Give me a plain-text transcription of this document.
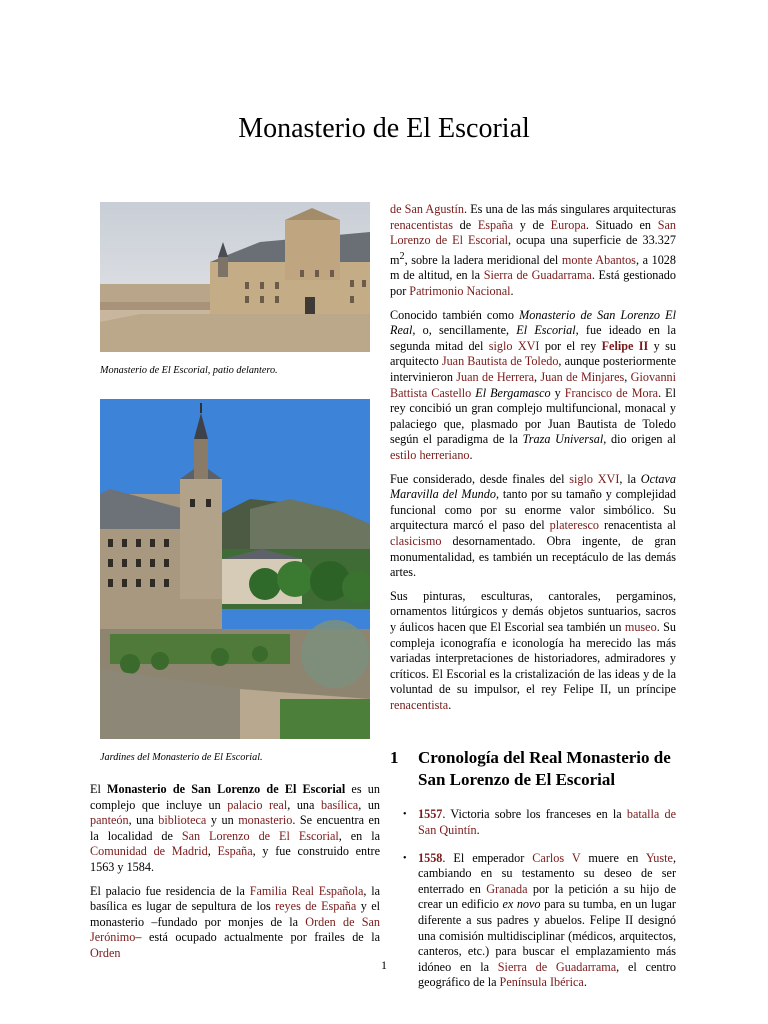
Monasterio de El Escorial
Monasterio de El Escorial, patio delantero.
Jardines del Monasterio de El Escorial.

El Monasterio de San Lorenzo de El Escorial es un complejo que incluye un palacio real, una basílica, un panteón, una biblioteca y un monasterio. Se encuentra en la localidad de San Lorenzo de El Escorial, en la Comunidad de Madrid, España, y fue construido entre 1563 y 1584.

El palacio fue residencia de la Familia Real Española, la basílica es lugar de sepultura de los reyes de España y el monasterio –fundado por monjes de la Orden de San Jerónimo– está ocupado actualmente por frailes de la Orden

de San Agustín. Es una de las más singulares arquitecturas renacentistas de España y de Europa. Situado en San Lorenzo de El Escorial, ocupa una superficie de 33.327 $m^2$, sobre la ladera meridional del monte Abantos, a 1028 m de altitud, en la Sierra de Guadarrama. Está gestionado por Patrimonio Nacional.

Conocido también como Monasterio de San Lorenzo El Real, o, sencillamente, El Escorial, fue ideado en la segunda mitad del siglo XVI por el rey Felipe II y su arquitecto Juan Bautista de Toledo, aunque posteriormente intervinieron Juan de Herrera, Juan de Minjares, Giovanni Battista Castello El Bergamasco y Francisco de Mora. El rey concibió un gran complejo multifuncional, monacal y palaciego que, plasmado por Juan Bautista de Toledo según el paradigma de la Traza Universal, dio origen al estilo herreriano.

Fue considerado, desde finales del siglo XVI, la Octava Maravilla del Mundo, tanto por su tamaño y complejidad funcional como por su enorme valor simbólico. Su arquitectura marcó el paso del plateresco renacentista al clasicismo desornamentado. Obra ingente, de gran monumentalidad, es también un receptáculo de las demás artes.

Sus pinturas, esculturas, cantorales, pergaminos, ornamentos litúrgicos y demás objetos suntuarios, sacros y áulicos hacen que El Escorial sea también un museo. Su compleja iconografía e iconología ha merecido las más variadas interpretaciones de historiadores, admiradores y críticos. El Escorial es la cristalización de las ideas y de la voluntad de su impulsor, el rey Felipe II, un príncipe renacentista.

1 Cronología del Real Monasterio de San Lorenzo de El Escorial
• 1557. Victoria sobre los franceses en la batalla de San Quintín.
• 1558. El emperador Carlos V muere en Yuste, cambiando en su testamento su deseo de ser enterrado en Granada por la petición a su hijo de crear un edificio ex novo para su tumba, en un lugar diferente a sus padres y abuelos. Felipe II designó una comisión multidisciplinar (médicos, arquitectos, canteros, etc.) para buscar el emplazamiento más idóneo en la Sierra de Guadarrama, el centro geográfico de la Península Ibérica.
1
